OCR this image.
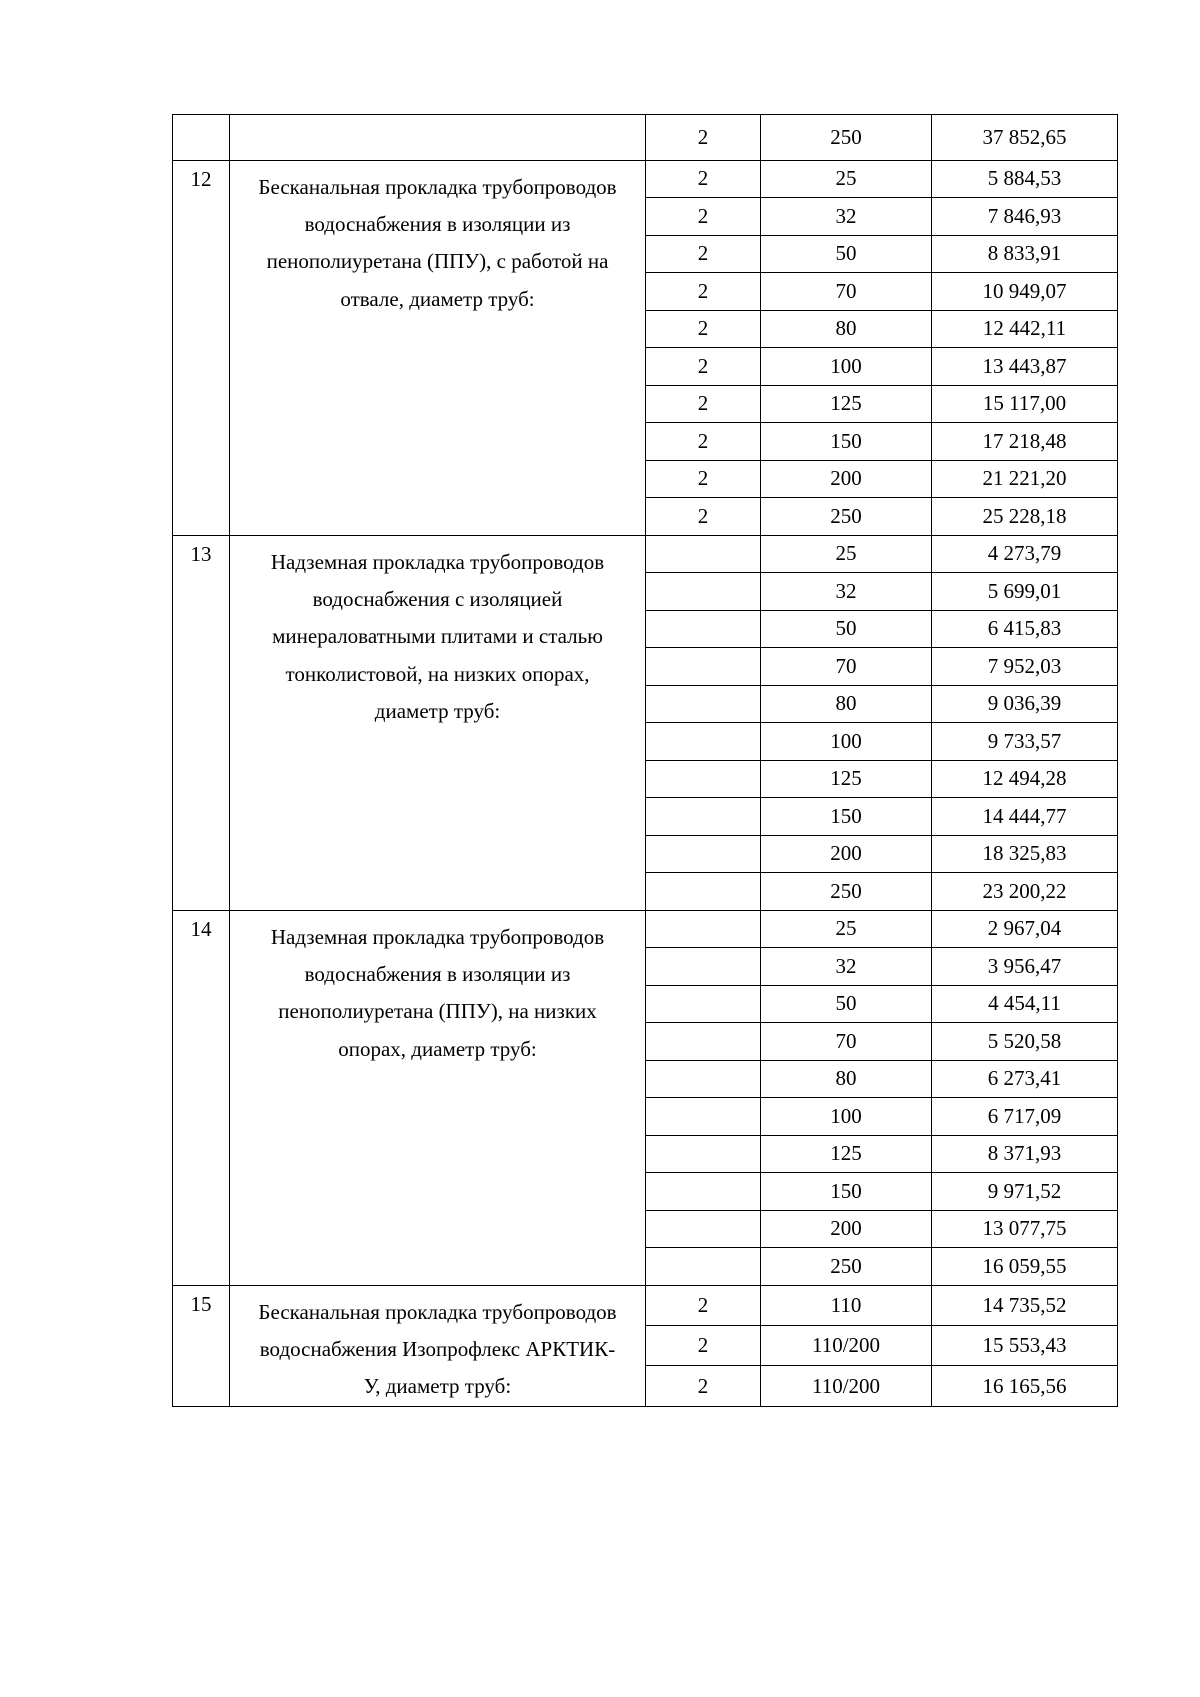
		2	250	37 852,65
12	Бесканальная прокладка трубопроводов
водоснабжения в изоляции из
пенополиуретана (ППУ), с работой на
отвале, диаметр труб:	2	25	5 884,53
		2	32	7 846,93
		2	50	8 833,91
		2	70	10 949,07
		2	80	12 442,11
		2	100	13 443,87
		2	125	15 117,00
		2	150	17 218,48
		2	200	21 221,20
		2	250	25 228,18
13	Надземная прокладка трубопроводов
водоснабжения с изоляцией
минераловатными плитами и сталью
тонколистовой, на низких опорах,
диаметр труб:		25	4 273,79
			32	5 699,01
			50	6 415,83
			70	7 952,03
			80	9 036,39
			100	9 733,57
			125	12 494,28
			150	14 444,77
			200	18 325,83
			250	23 200,22
14	Надземная прокладка трубопроводов
водоснабжения в изоляции из
пенополиуретана (ППУ), на низких
опорах, диаметр труб:		25	2 967,04
			32	3 956,47
			50	4 454,11
			70	5 520,58
			80	6 273,41
			100	6 717,09
			125	8 371,93
			150	9 971,52
			200	13 077,75
			250	16 059,55
15	Бесканальная прокладка трубопроводов
водоснабжения Изопрофлекс АРКТИК-
У, диаметр труб:	2	110	14 735,52
		2	110/200	15 553,43
		2	110/200	16 165,56
